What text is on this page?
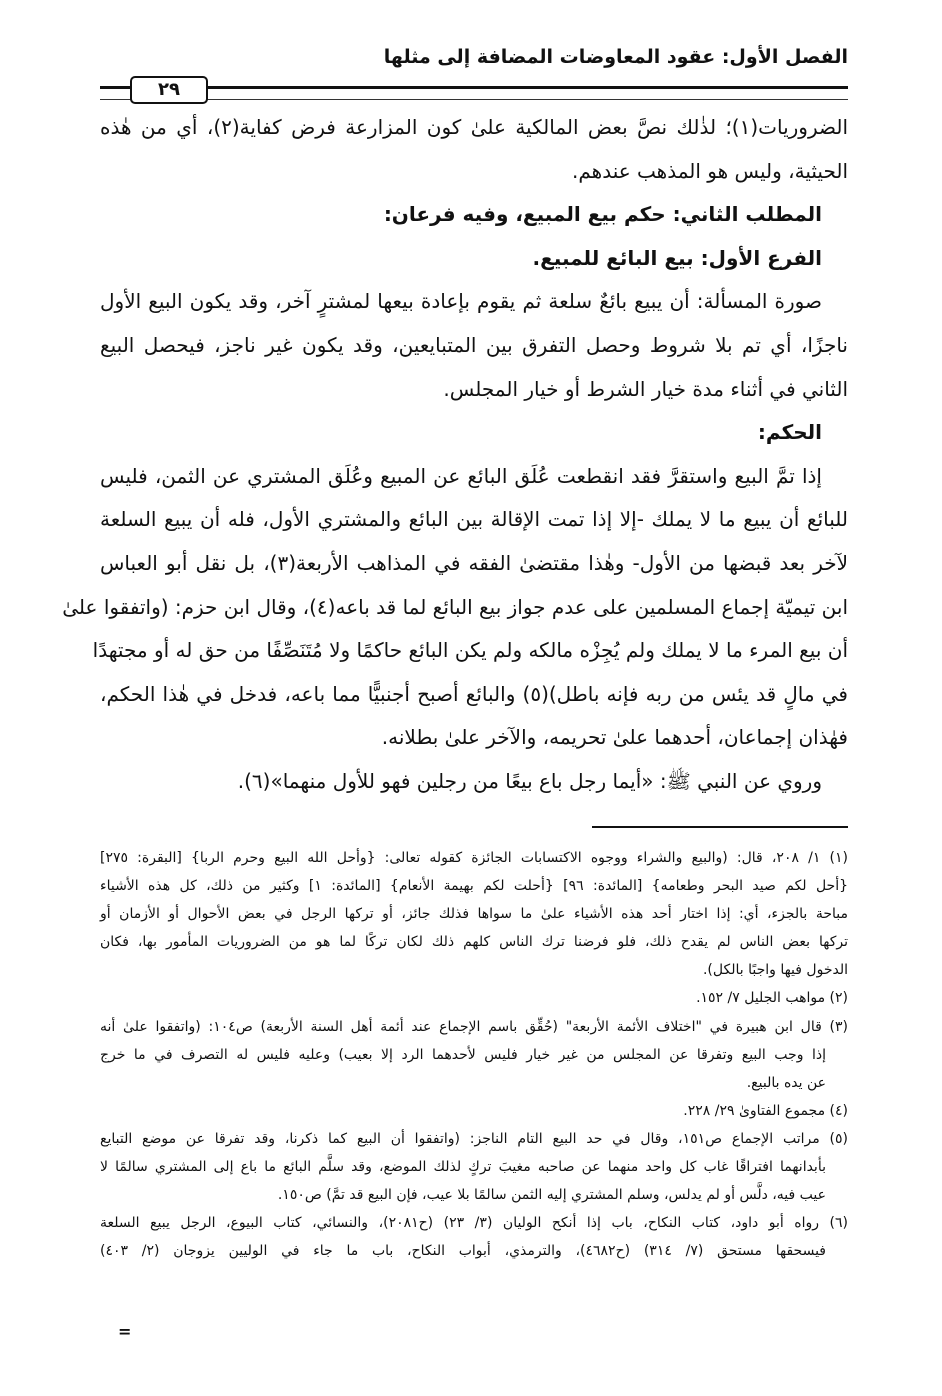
الفصل الأول: عقود المعاوضات المضافة إلى مثلها
٢٩
الضروريات(١)؛ لذٰلك نصَّ بعض المالكية علىٰ كون المزارعة فرض كفاية(٢)، أي من هٰذه
الحيثية، وليس هو المذهب عندهم.
المطلب الثاني: حكم بيع المبيع، وفيه فرعان:
الفرع الأول: بيع البائع للمبيع.
صورة المسألة: أن يبيع بائعٌ سلعة ثم يقوم بإعادة بيعها لمشترٍ آخر، وقد يكون البيع الأول
ناجزًا، أي تم بلا شروط وحصل التفرق بين المتبايعين، وقد يكون غير ناجز، فيحصل البيع
الثاني في أثناء مدة خيار الشرط أو خيار المجلس.
الحكم:
إذا تمَّ البيع واستقرَّ فقد انقطعت عُلَق البائع عن المبيع وعُلَق المشتري عن الثمن، فليس
للبائع أن يبيع ما لا يملك -إلا إذا تمت الإقالة بين البائع والمشتري الأول، فله أن يبيع السلعة
لآخر بعد قبضها من الأول- وهٰذا مقتضىٰ الفقه في المذاهب الأربعة(٣)، بل نقل أبو العباس
ابن تيميّة إجماع المسلمين على عدم جواز بيع البائع لما قد باعه(٤)، وقال ابن حزم: (واتفقوا علىٰ
أن بيع المرء ما لا يملك ولم يُجِزْه مالكه ولم يكن البائع حاكمًا ولا مُتَنَصِّفًا من حق له أو مجتهدًا
في مالٍ قد يئس من ربه فإنه باطل)(٥) والبائع أصبح أجنبيًّا مما باعه، فدخل في هٰذا الحكم،
فهٰذان إجماعان، أحدهما علىٰ تحريمه، والآخر علىٰ بطلانه.
وروي عن النبي ﷺ: «أيما رجل باع بيعًا من رجلين فهو للأول منهما»(٦).
(١) ١/ ٢٠٨، قال: (والبيع والشراء ووجوه الاكتسابات الجائزة كقوله تعالى: {وأحل الله البيع وحرم الربا} [البقرة: ٢٧٥]
{أحل لكم صيد البحر وطعامه} [المائدة: ٩٦] {أحلت لكم بهيمة الأنعام} [المائدة: ١] وكثير من ذلك، كل هذه الأشياء
مباحة بالجزء، أي: إذا اختار أحد هذه الأشياء علىٰ ما سواها فذلك جائز، أو تركها الرجل في بعض الأحوال أو الأزمان أو
تركها بعض الناس لم يقدح ذلك، فلو فرضنا ترك الناس كلهم ذلك لكان تركًا لما هو من الضروريات المأمور بها، فكان
الدخول فيها واجبًا بالكل).
(٢) مواهب الجليل ٧/ ١٥٢.
(٣) قال ابن هبيرة في "اختلاف الأئمة الأربعة" (حُقِّق باسم الإجماع عند أئمة أهل السنة الأربعة) ص١٠٤: (واتفقوا علىٰ أنه
إذا وجب البيع وتفرقا عن المجلس من غير خيار فليس لأحدهما الرد إلا بعيب) وعليه فليس له التصرف في ما خرج
عن يده بالبيع.
(٤) مجموع الفتاوىٰ ٢٩/ ٢٢٨.
(٥) مراتب الإجماع ص١٥١، وقال في حد البيع التام الناجز: (واتفقوا أن البيع كما ذكرنا، وقد تفرقا عن موضع التبايع
بأبدانهما افتراقًا غاب كل واحد منهما عن صاحبه مغيبَ تركٍ لذلك الموضع، وقد سلَّم البائع ما باع إلى المشتري سالمًا لا
عيب فيه، دلَّس أو لم يدلس، وسلم المشتري إليه الثمن سالمًا بلا عيب، فإن البيع قد تمَّ) ص١٥٠.
(٦) رواه أبو داود، كتاب النكاح، باب إذا أنكح الوليان (٣/ ٢٣) (ح٢٠٨١)، والنسائي، كتاب البيوع، الرجل يبيع السلعة
فيسحقها مستحق (٧/ ٣١٤) (ح٤٦٨٢)، والترمذي، أبواب النكاح، باب ما جاء في الوليين يزوجان (٢/ ٤٠٣)
=
